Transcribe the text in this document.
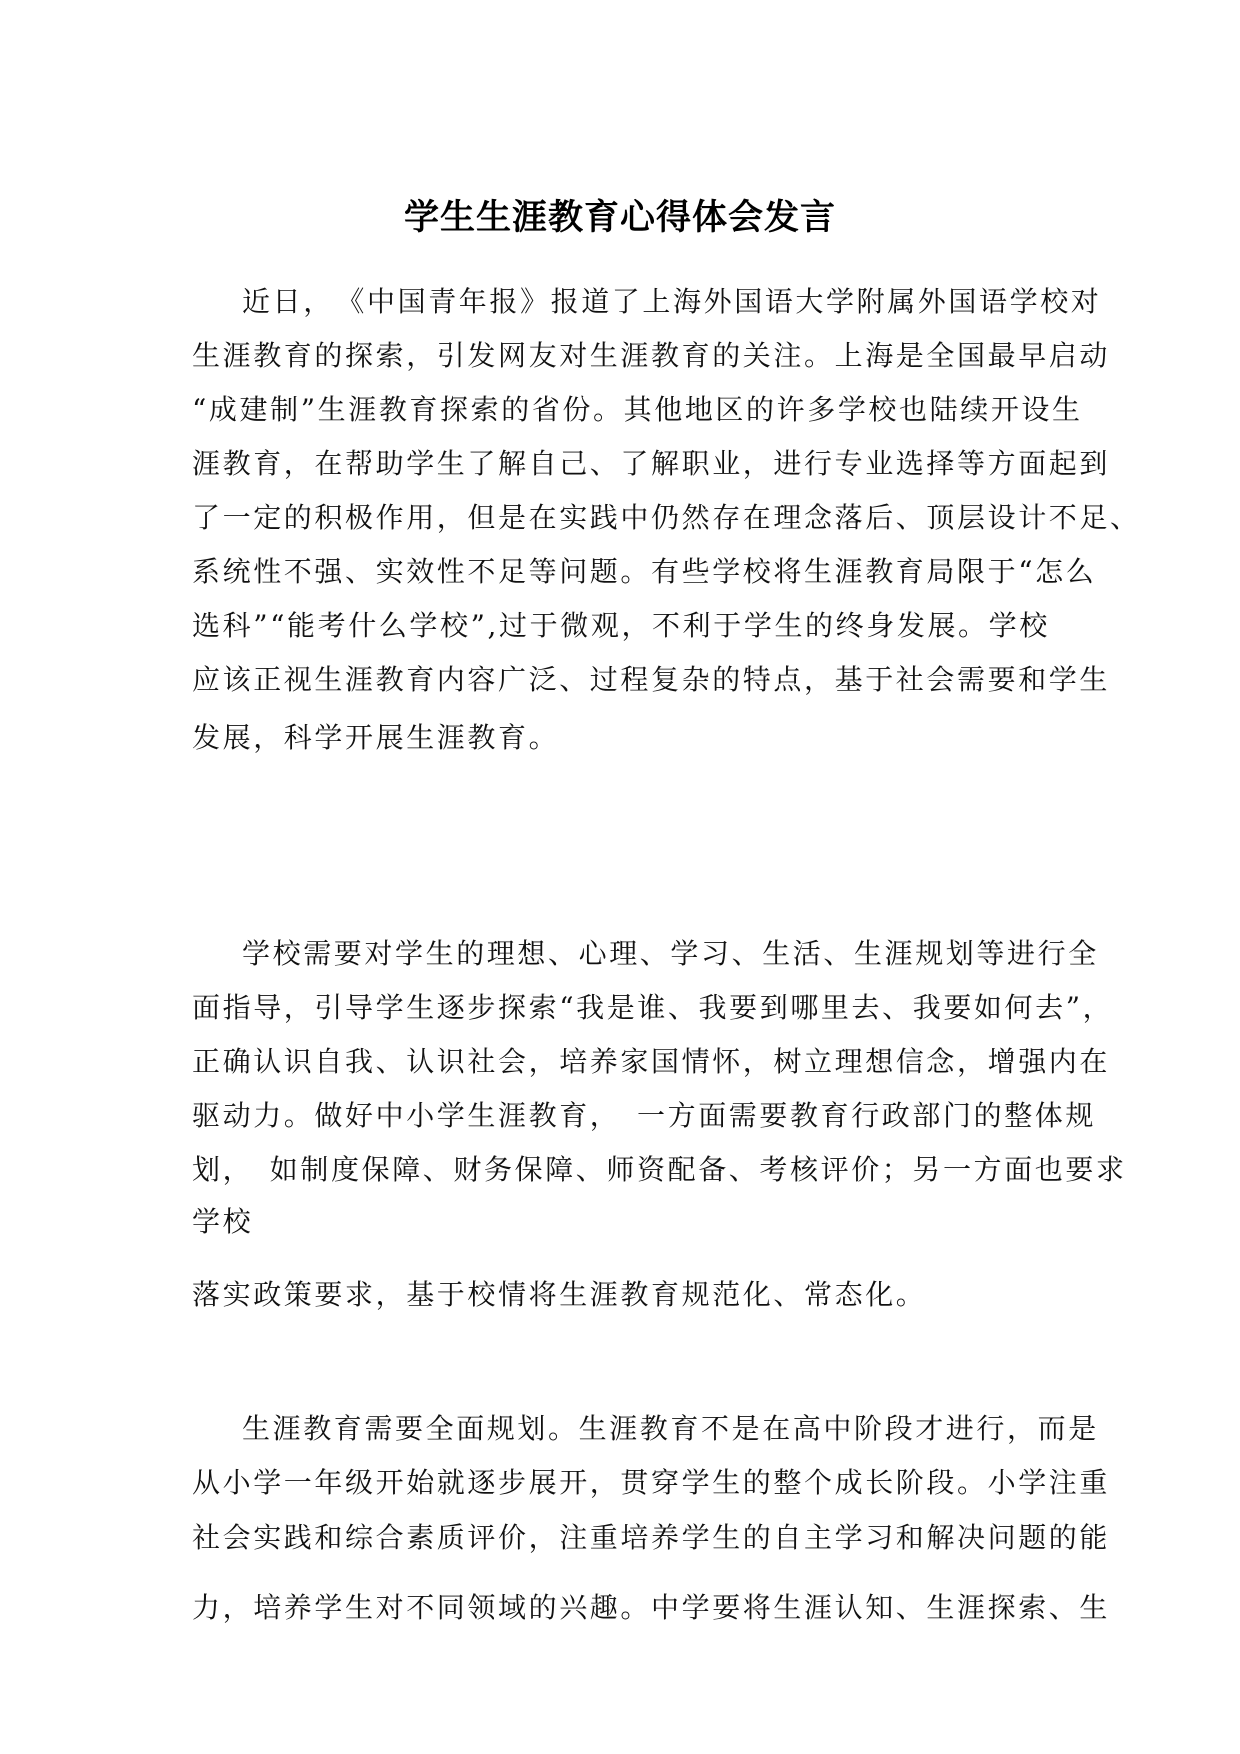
学生生涯教育心得体会发言
近日，　《中国青年报》报道了上海外国语大学附属外国语学校对
生涯教育的探索，引发网友对生涯教育的关注。上海是全国最早启动
“成建制”生涯教育探索的省份。其他地区的许多学校也陆续开设生
涯教育，在帮助学生了解自己、了解职业，进行专业选择等方面起到
了一定的积极作用，但是在实践中仍然存在理念落后、顶层设计不足、
系统性不强、实效性不足等问题。有些学校将生涯教育局限于“怎么
选科”“能考什么学校”,过于微观，不利于学生的终身发展。学校
应该正视生涯教育内容广泛、过程复杂的特点，基于社会需要和学生
发展，科学开展生涯教育。
学校需要对学生的理想、心理、学习、生活、生涯规划等进行全
面指导，引导学生逐步探索“我是谁、我要到哪里去、我要如何去”，
正确认识自我、认识社会，培养家国情怀，树立理想信念，增强内在
驱动力。做好中小学生涯教育，　一方面需要教育行政部门的整体规
划，　如制度保障、财务保障、师资配备、考核评价；另一方面也要求
学校
落实政策要求，基于校情将生涯教育规范化、常态化。
生涯教育需要全面规划。生涯教育不是在高中阶段才进行，而是
从小学一年级开始就逐步展开，贯穿学生的整个成长阶段。小学注重
社会实践和综合素质评价，注重培养学生的自主学习和解决问题的能
力，培养学生对不同领域的兴趣。中学要将生涯认知、生涯探索、生
